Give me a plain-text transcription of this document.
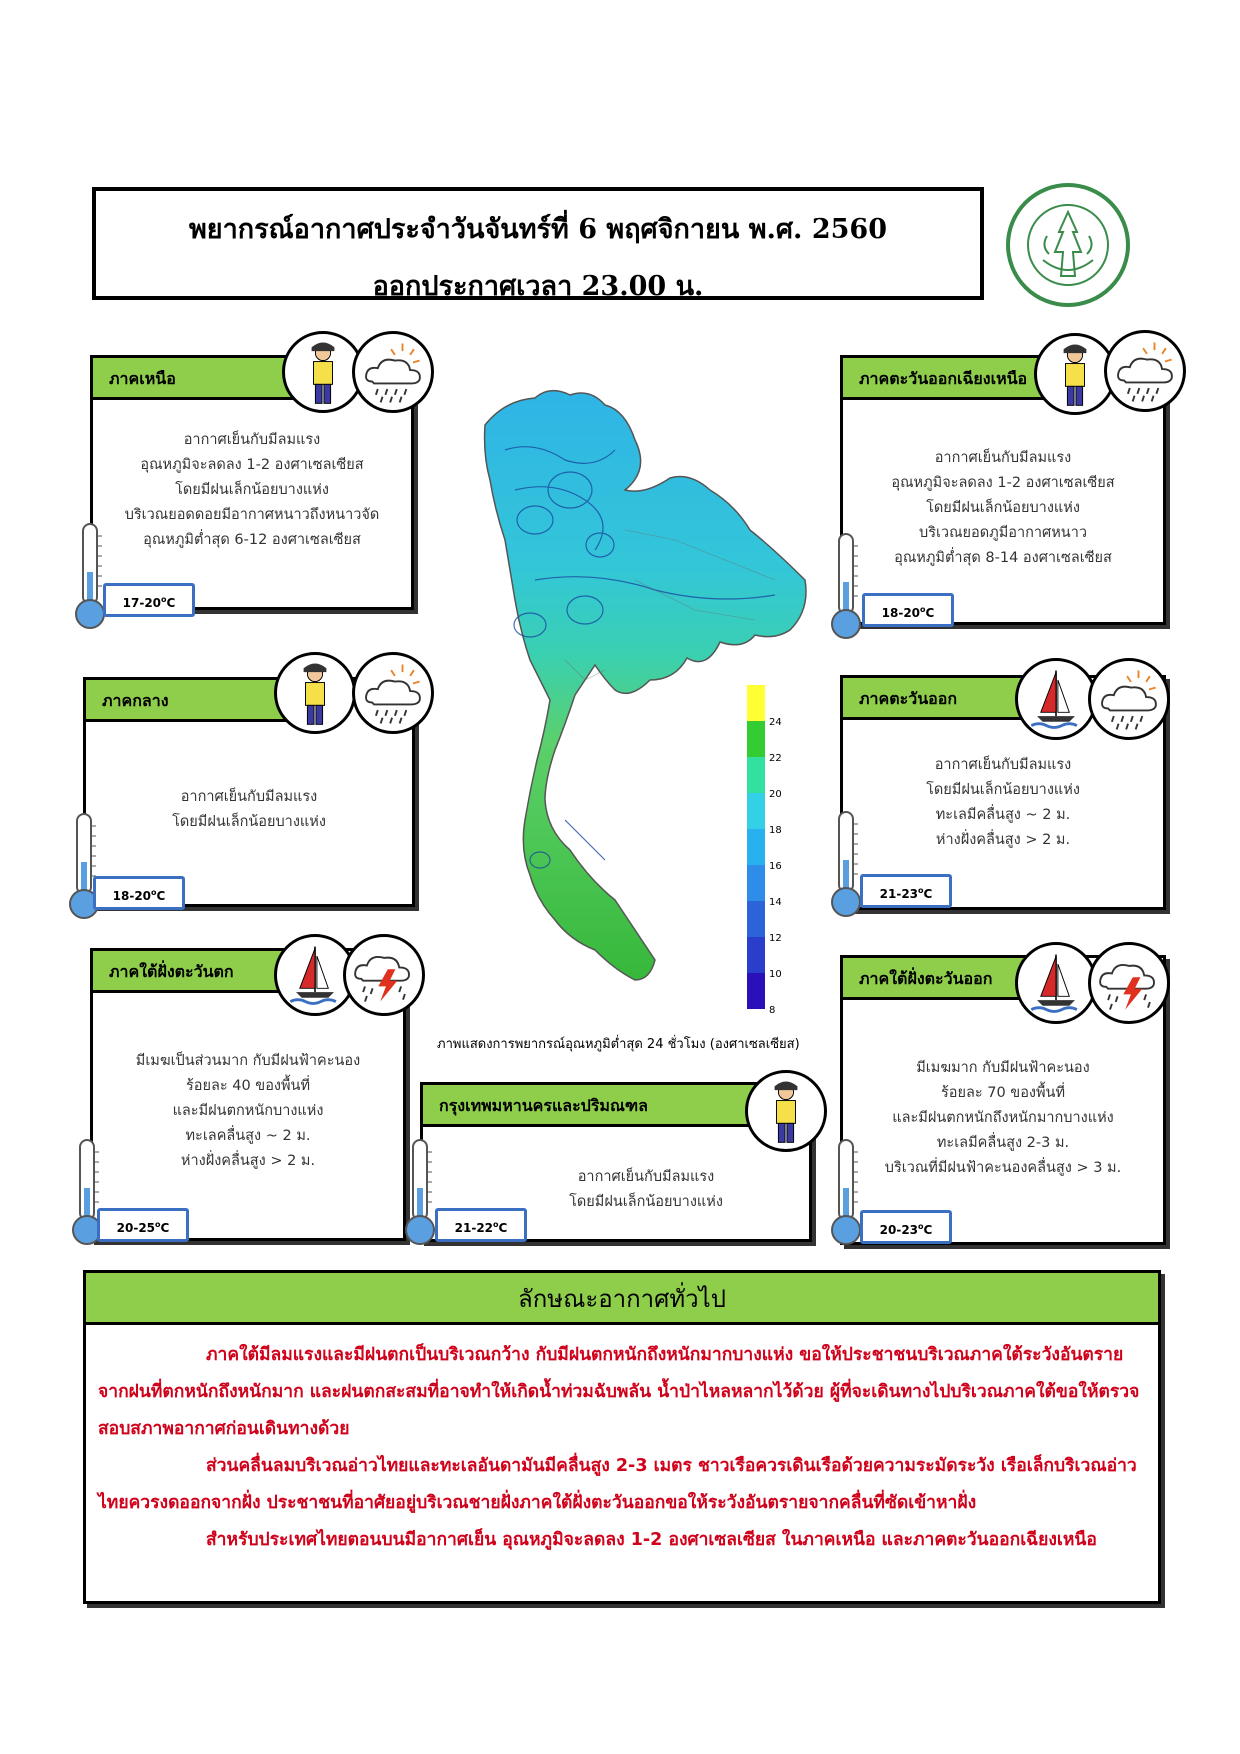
พยากรณ์อากาศประจำวันจันทร์ที่ 6 พฤศจิกายน พ.ศ. 2560
ออกประกาศเวลา 23.00 น.
ภาคเหนือ
อากาศเย็นกับมีลมแรง
อุณหภูมิจะลดลง 1-2 องศาเซลเซียส
โดยมีฝนเล็กน้อยบางแห่ง
บริเวณยอดดอยมีอากาศหนาวถึงหนาวจัด
อุณหภูมิต่ำสุด 6-12 องศาเซลเซียส
17-20$^o$C
ภาคตะวันออกเฉียงเหนือ
อากาศเย็นกับมีลมแรง
อุณหภูมิจะลดลง 1-2 องศาเซลเซียส
โดยมีฝนเล็กน้อยบางแห่ง
บริเวณยอดภูมีอากาศหนาว
อุณหภูมิต่ำสุด 8-14 องศาเซลเซียส
18-20$^o$C
ภาคกลาง
อากาศเย็นกับมีลมแรง
โดยมีฝนเล็กน้อยบางแห่ง
18-20$^o$C
ภาคตะวันออก
อากาศเย็นกับมีลมแรง
โดยมีฝนเล็กน้อยบางแห่ง
ทะเลมีคลื่นสูง ~ 2 ม.
ห่างฝั่งคลื่นสูง > 2 ม.
21-23$^o$C
ภาคใต้ฝั่งตะวันตก
มีเมฆเป็นส่วนมาก กับมีฝนฟ้าคะนอง
ร้อยละ 40 ของพื้นที่
และมีฝนตกหนักบางแห่ง
ทะเลคลื่นสูง ~ 2 ม.
ห่างฝั่งคลื่นสูง > 2 ม.
20-25$^o$C
กรุงเทพมหานครและปริมณฑล
อากาศเย็นกับมีลมแรง
โดยมีฝนเล็กน้อยบางแห่ง
21-22$^o$C
ภาคใต้ฝั่งตะวันออก
มีเมฆมาก กับมีฝนฟ้าคะนอง
ร้อยละ 70 ของพื้นที่
และมีฝนตกหนักถึงหนักมากบางแห่ง
ทะเลมีคลื่นสูง 2-3 ม.
บริเวณที่มีฝนฟ้าคะนองคลื่นสูง > 3 ม.
20-23$^o$C
24
22
20
18
16
14
12
10
8
ภาพแสดงการพยากรณ์อุณหภูมิต่ำสุด 24 ชั่วโมง (องศาเซลเซียส)
ลักษณะอากาศทั่วไป

ภาคใต้มีลมแรงและมีฝนตกเป็นบริเวณกว้าง กับมีฝนตกหนักถึงหนักมากบางแห่ง ขอให้ประชาชนบริเวณภาคใต้ระวังอันตรายจากฝนที่ตกหนักถึงหนักมาก และฝนตกสะสมที่อาจทำให้เกิดน้ำท่วมฉับพลัน น้ำป่าไหลหลากไว้ด้วย ผู้ที่จะเดินทางไปบริเวณภาคใต้ขอให้ตรวจสอบสภาพอากาศก่อนเดินทางด้วย

ส่วนคลื่นลมบริเวณอ่าวไทยและทะเลอันดามันมีคลื่นสูง 2-3 เมตร ชาวเรือควรเดินเรือด้วยความระมัดระวัง เรือเล็กบริเวณอ่าวไทยควรงดออกจากฝั่ง ประชาชนที่อาศัยอยู่บริเวณชายฝั่งภาคใต้ฝั่งตะวันออกขอให้ระวังอันตรายจากคลื่นที่ซัดเข้าหาฝั่ง

สำหรับประเทศไทยตอนบนมีอากาศเย็น อุณหภูมิจะลดลง 1-2 องศาเซลเซียส ในภาคเหนือ และภาคตะวันออกเฉียงเหนือ
